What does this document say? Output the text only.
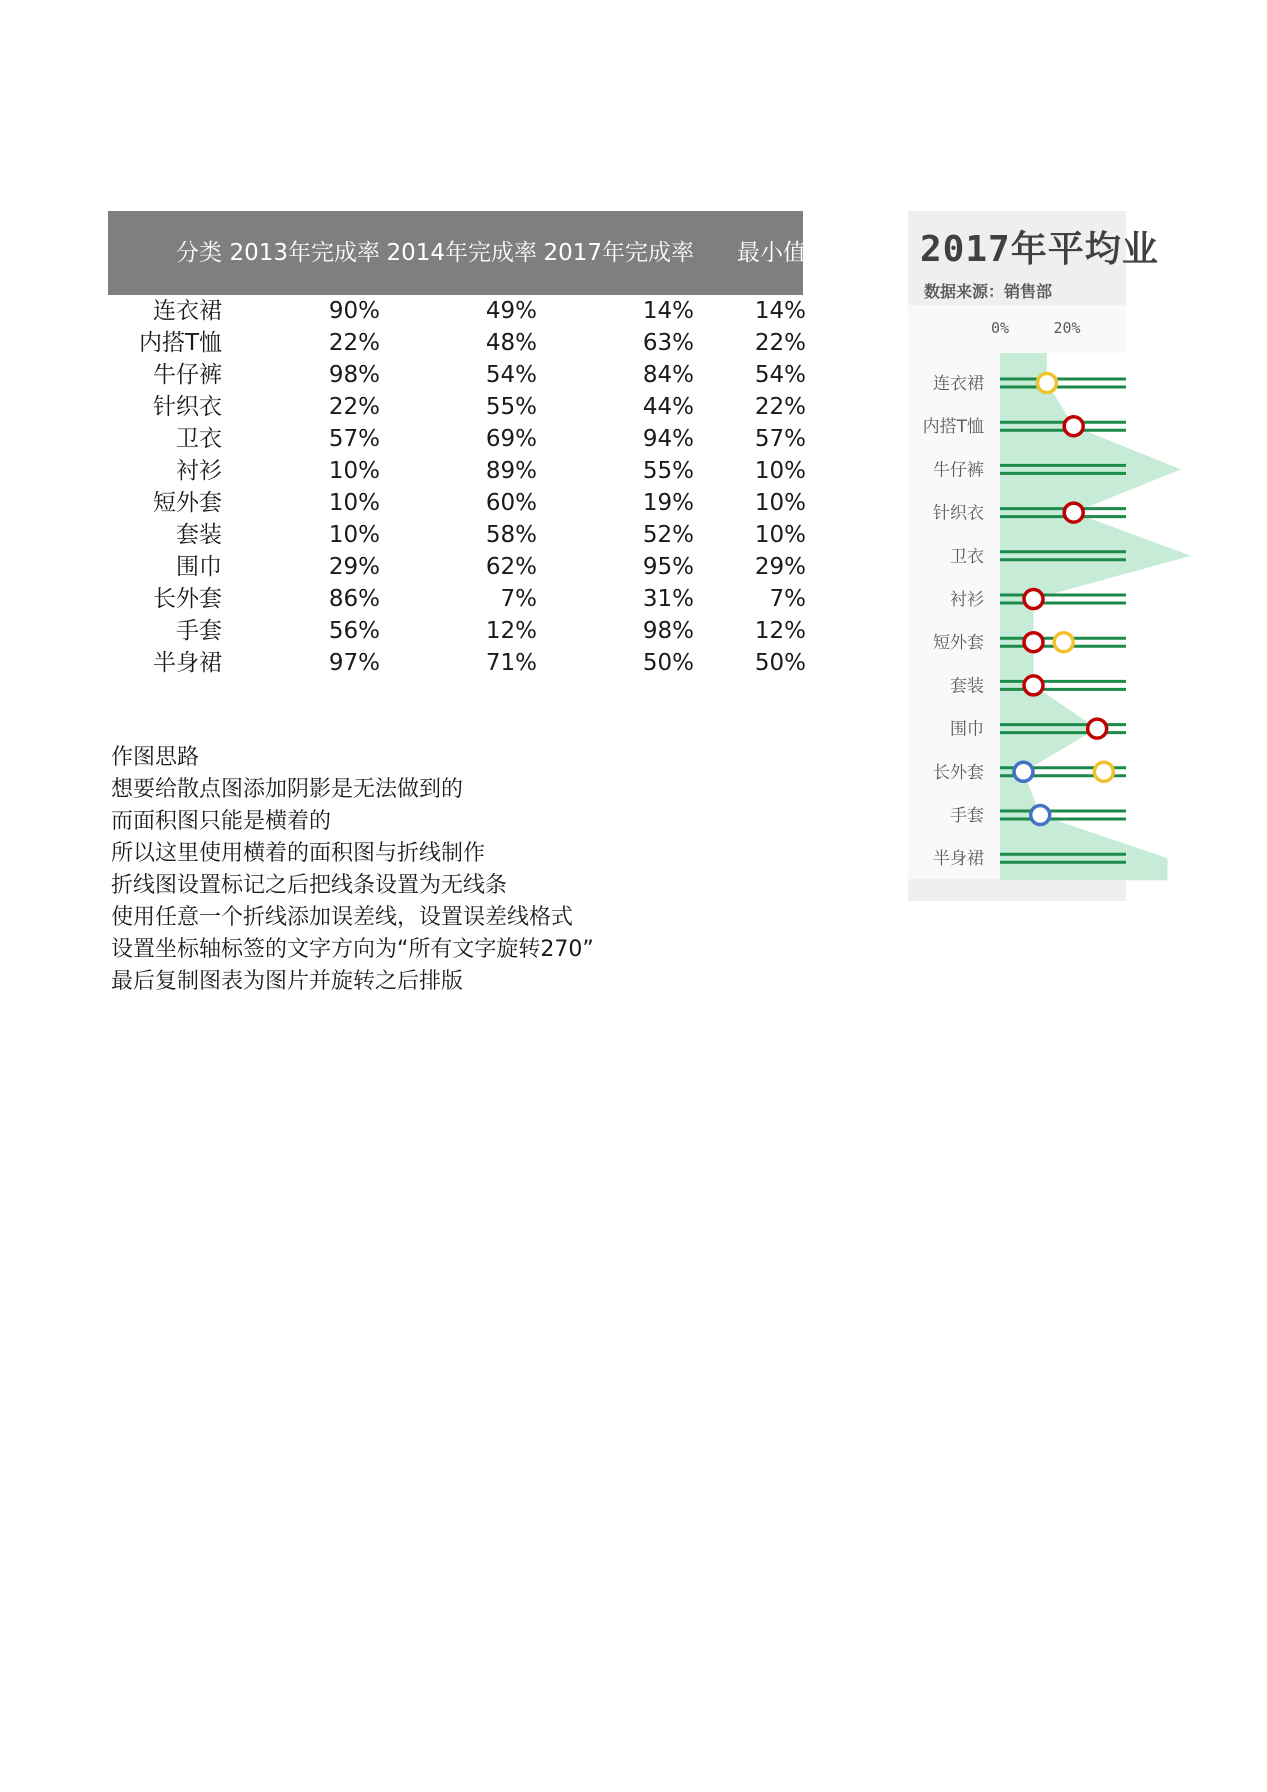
分类 2013年完成率 2014年完成率 2017年完成率	最小值
连衣裙	90%	49%	14%	14%
内搭T恤	22%	48%	63%	22%
牛仔裤	98%	54%	84%	54%
针织衣	22%	55%	44%	22%
卫衣	57%	69%	94%	57%
衬衫	10%	89%	55%	10%
短外套	10%	60%	19%	10%
套装	10%	58%	52%	10%
围巾	29%	62%	95%	29%
长外套	86%	7%	31%	7%
手套	56%	12%	98%	12%
半身裙	97%	71%	50%	50%
作图思路
想要给散点图添加阴影是无法做到的
而面积图只能是横着的
所以这里使用横着的面积图与折线制作
折线图设置标记之后把线条设置为无线条
使用任意一个折线添加误差线，设置误差线格式
设置坐标轴标签的文字方向为“所有文字旋转270”
最后复制图表为图片并旋转之后排版
2017年平均业
数据来源：销售部
0%	20%
连衣裙
内搭T恤
牛仔裤
针织衣
卫衣
衬衫
短外套
套装
围巾
长外套
手套
半身裙
